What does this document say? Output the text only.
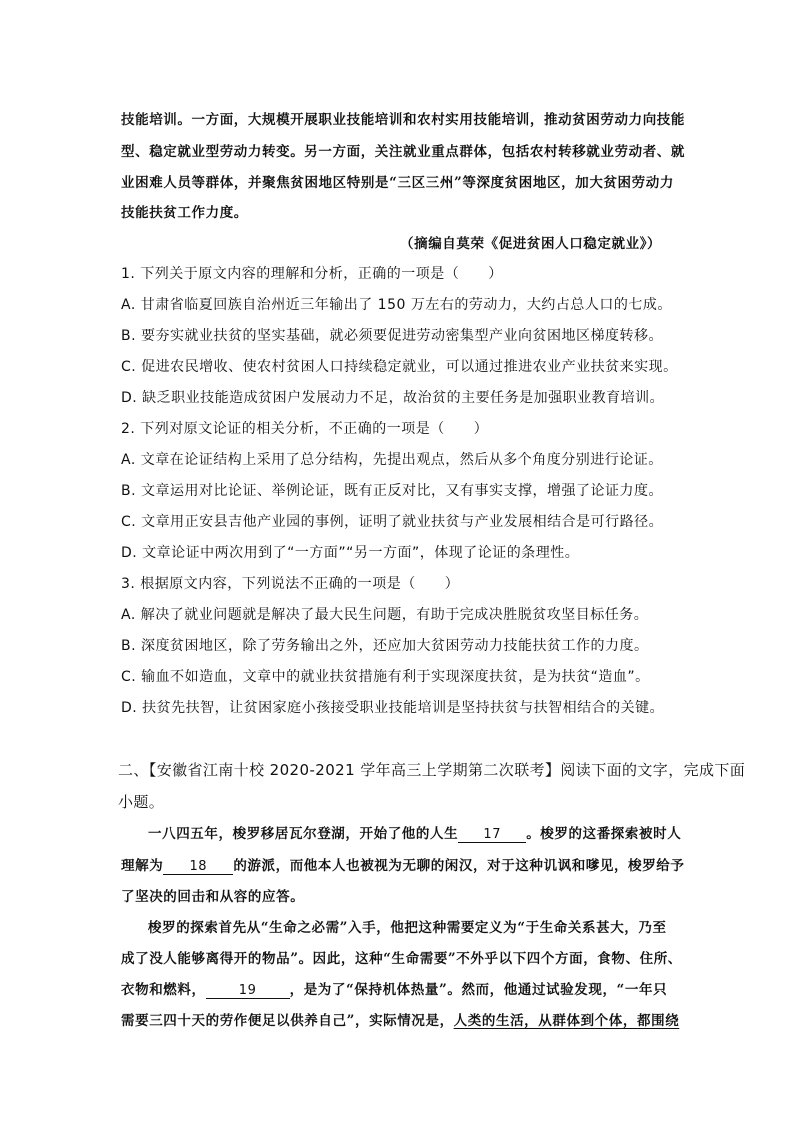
技能培训。一方面，大规模开展职业技能培训和农村实用技能培训，推动贫困劳动力向技能
型、稳定就业型劳动力转变。另一方面，关注就业重点群体，包括农村转移就业劳动者、就
业困难人员等群体，并聚焦贫困地区特别是“三区三州”等深度贫困地区，加大贫困劳动力
技能扶贫工作力度。
（摘编自莫荣《促进贫困人口稳定就业》）
1. 下列关于原文内容的理解和分析，正确的一项是（　　）
A. 甘肃省临夏回族自治州近三年输出了 150 万左右的劳动力，大约占总人口的七成。
B. 要夯实就业扶贫的坚实基础，就必须要促进劳动密集型产业向贫困地区梯度转移。
C. 促进农民增收、使农村贫困人口持续稳定就业，可以通过推进农业产业扶贫来实现。
D. 缺乏职业技能造成贫困户发展动力不足，故治贫的主要任务是加强职业教育培训。
2. 下列对原文论证的相关分析，不正确的一项是（　　）
A. 文章在论证结构上采用了总分结构，先提出观点，然后从多个角度分别进行论证。
B. 文章运用对比论证、举例论证，既有正反对比，又有事实支撑，增强了论证力度。
C. 文章用正安县吉他产业园的事例，证明了就业扶贫与产业发展相结合是可行路径。
D. 文章论证中两次用到了“一方面”“另一方面”，体现了论证的条理性。
3. 根据原文内容，下列说法不正确的一项是（　　）
A. 解决了就业问题就是解决了最大民生问题，有助于完成决胜脱贫攻坚目标任务。
B. 深度贫困地区，除了劳务输出之外，还应加大贫困劳动力技能扶贫工作的力度。
C. 输血不如造血，文章中的就业扶贫措施有利于实现深度扶贫，是为扶贫“造血”。
D. 扶贫先扶智，让贫困家庭小孩接受职业技能培训是坚持扶贫与扶智相结合的关键。
二、【安徽省江南十校 2020-2021 学年高三上学期第二次联考】阅读下面的文字，完成下面
小题。
一八四五年，梭罗移居瓦尔登湖，开始了他的人生 17 。梭罗的这番探索被时人
理解为 18 的游派，而他本人也被视为无聊的闲汉，对于这种讥讽和嗲见，梭罗给予
了坚决的回击和从容的应答。
梭罗的探索首先从“生命之必需”入手，他把这种需要定义为“于生命关系甚大，乃至
成了没人能够离得开的物品”。因此，这种“生命需要”不外乎以下四个方面，食物、住所、
衣物和燃料，	19 ，是为了“保持机体热量”。然而，他通过试验发现，“一年只
需要三四十天的劳作便足以供养自己”，实际情况是，人类的生活，从群体到个体，都围绕
